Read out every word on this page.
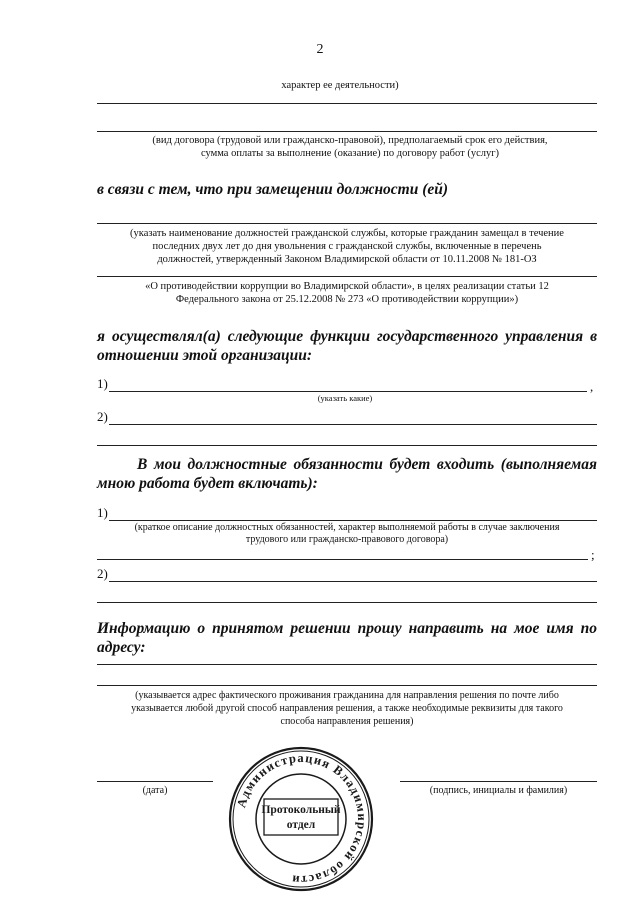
2
характер ее деятельности)
(вид договора (трудовой или гражданско-правовой), предполагаемый срок его действия,
сумма оплаты за выполнение (оказание) по договору работ (услуг)
в связи с тем, что при замещении должности (ей)
(указать наименование должностей гражданской службы, которые гражданин замещал в течение
последних двух лет до дня увольнения с гражданской службы, включенные в перечень
должностей, утвержденный Законом Владимирской области от 10.11.2008 № 181-ОЗ
«О противодействии коррупции во Владимирской области», в целях реализации статьи 12
Федерального закона от 25.12.2008 № 273 «О противодействии коррупции»)
я осуществлял(а) следующие функции государственного управления в
отношении этой организации:
1)	,
(указать какие)
2)
В мои должностные обязанности будет входить (выполняемая
мною работа будет включать):
1)
(краткое описание должностных обязанностей, характер выполняемой работы в случае заключения
трудового или гражданско-правового договора)
;
2)
Информацию о принятом решении прошу направить на мое имя по
адресу:
(указывается адрес фактического проживания гражданина для направления решения по почте либо
указывается любой другой способ направления решения, а также необходимые реквизиты для такого
способа направления решения)
(дата)	(подпись, инициалы и фамилия)
Администрация Владимирской области
Протокольный
отдел
